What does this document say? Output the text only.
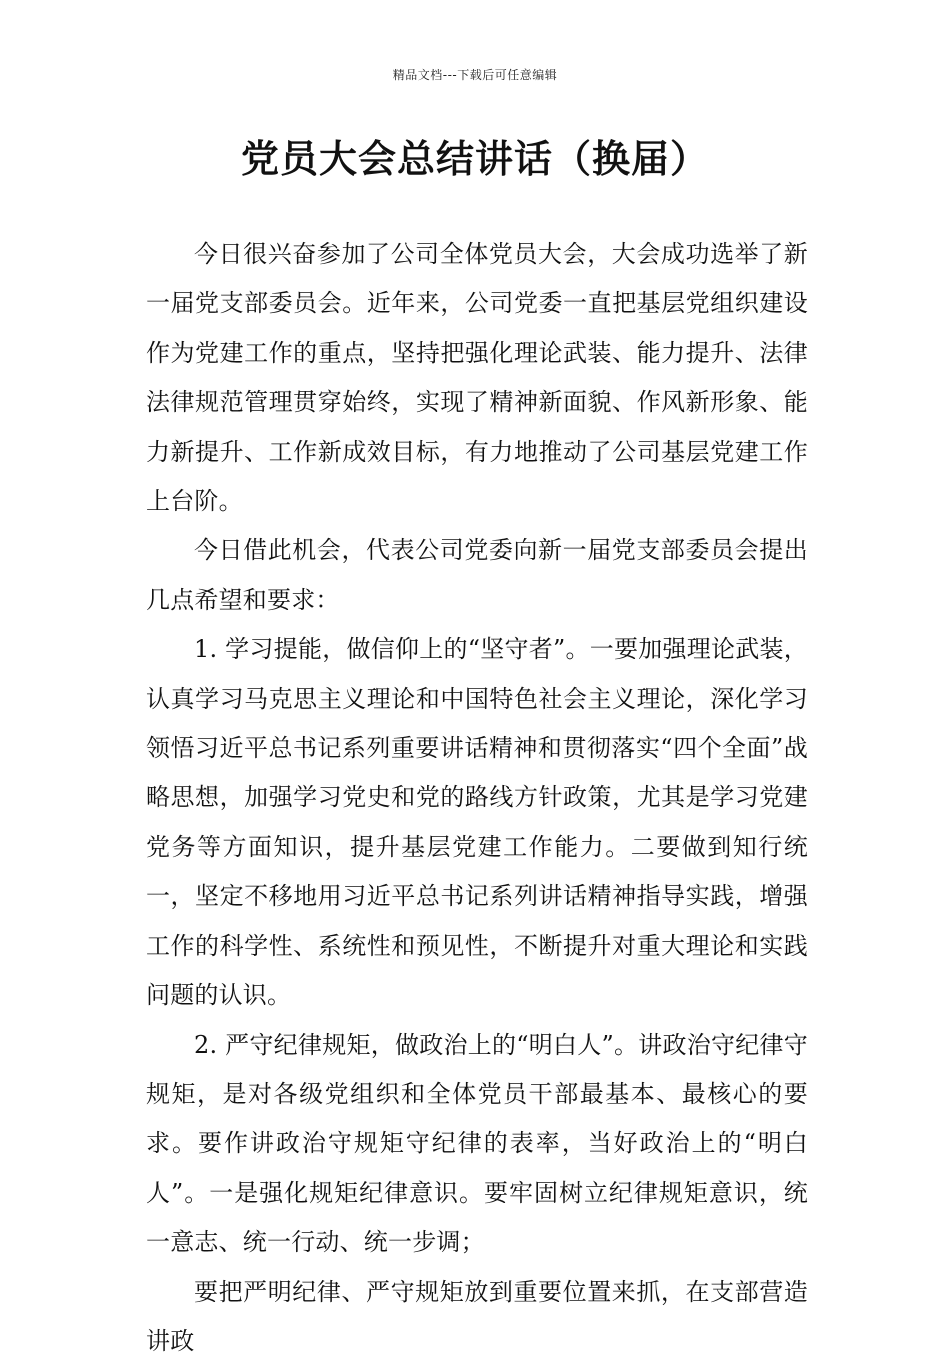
精品文档---下载后可任意编辑
党员大会总结讲话（换届）

今日很兴奋参加了公司全体党员大会，大会成功选举了新一届党支部委员会。近年来，公司党委一直把基层党组织建设作为党建工作的重点，坚持把强化理论武装、能力提升、法律法律规范管理贯穿始终，实现了精神新面貌、作风新形象、能力新提升、工作新成效目标，有力地推动了公司基层党建工作上台阶。

今日借此机会，代表公司党委向新一届党支部委员会提出几点希望和要求：

1. 学习提能，做信仰上的“坚守者”。一要加强理论武装，认真学习马克思主义理论和中国特色社会主义理论，深化学习领悟习近平总书记系列重要讲话精神和贯彻落实“四个全面”战略思想，加强学习党史和党的路线方针政策，尤其是学习党建党务等方面知识，提升基层党建工作能力。二要做到知行统一，坚定不移地用习近平总书记系列讲话精神指导实践，增强工作的科学性、系统性和预见性，不断提升对重大理论和实践问题的认识。

2. 严守纪律规矩，做政治上的“明白人”。讲政治守纪律守规矩，是对各级党组织和全体党员干部最基本、最核心的要求。要作讲政治守规矩守纪律的表率，当好政治上的“明白人”。一是强化规矩纪律意识。要牢固树立纪律规矩意识，统一意志、统一行动、统一步调；

要把严明纪律、严守规矩放到重要位置来抓，在支部营造讲政
